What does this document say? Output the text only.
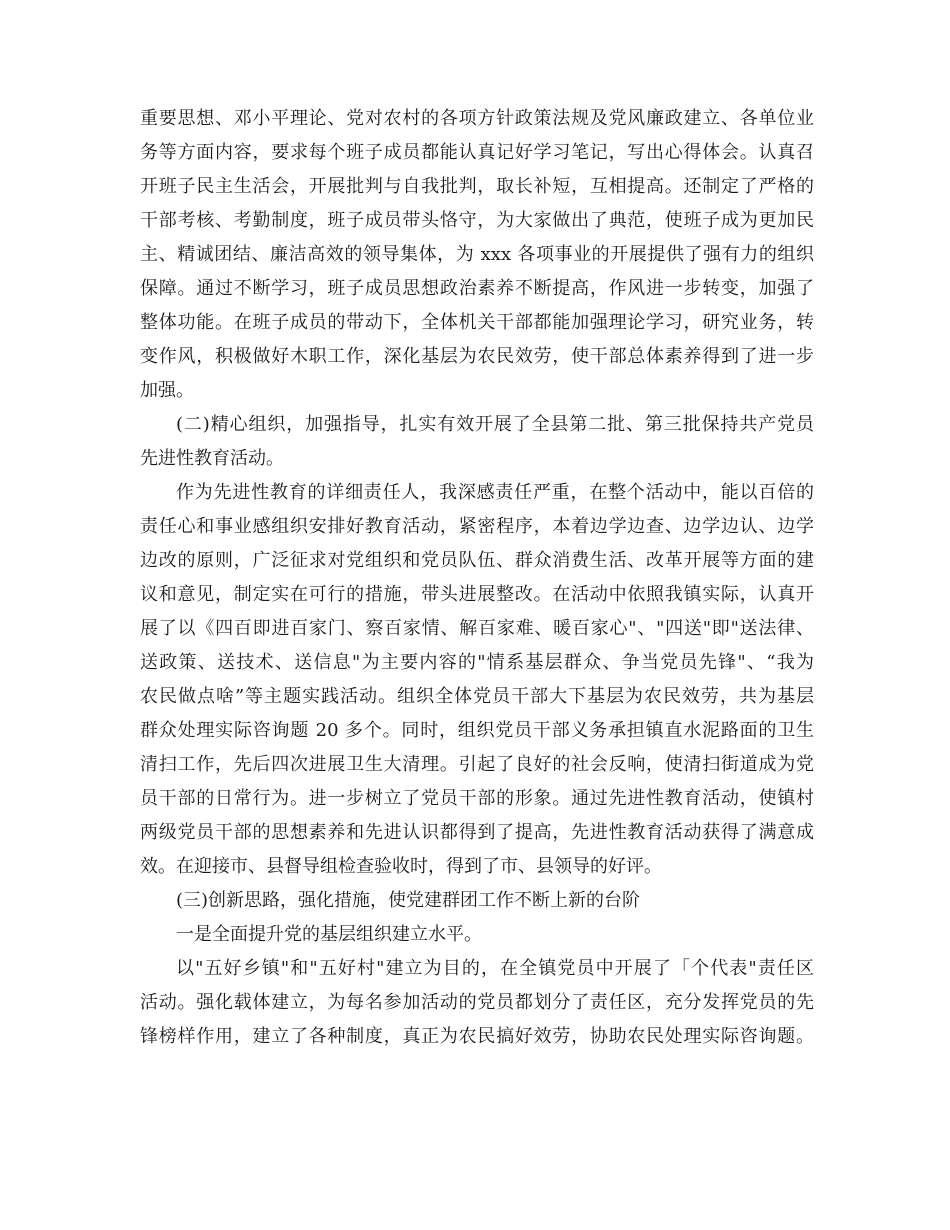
重要思想、邓小平理论、党对农村的各项方针政策法规及党风廉政建立、各单位业
务等方面内容，要求每个班子成员都能认真记好学习笔记，写出心得体会。认真召
开班子民主生活会，开展批判与自我批判，取长补短，互相提高。还制定了严格的
干部考核、考勤制度，班子成员带头恪守，为大家做出了典范，使班子成为更加民
主、精诚团结、廉洁高效的领导集体，为 xxx 各项事业的开展提供了强有力的组织
保障。通过不断学习，班子成员思想政治素养不断提高，作风进一步转变，加强了
整体功能。在班子成员的带动下，全体机关干部都能加强理论学习，研究业务，转
变作风，积极做好木职工作，深化基层为农民效劳，使干部总体素养得到了进一步
加强。
(二)精心组织，加强指导，扎实有效开展了全县第二批、第三批保持共产党员
先进性教育活动。
作为先进性教育的详细责任人，我深感责任严重，在整个活动中，能以百倍的
责任心和事业感组织安排好教育活动，紧密程序，本着边学边查、边学边认、边学
边改的原则，广泛征求对党组织和党员队伍、群众消费生活、改革开展等方面的建
议和意见，制定实在可行的措施，带头进展整改。在活动中依照我镇实际，认真开
展了以《四百即进百家门、察百家情、解百家难、暖百家心"、"四送"即"送法律、
送政策、送技术、送信息"为主要内容的"情系基层群众、争当党员先锋"、“我为
农民做点啥”等主题实践活动。组织全体党员干部大下基层为农民效劳，共为基层
群众处理实际咨询题 20 多个。同时，组织党员干部义务承担镇直水泥路面的卫生
清扫工作，先后四次进展卫生大清理。引起了良好的社会反响，使清扫街道成为党
员干部的日常行为。进一步树立了党员干部的形象。通过先进性教育活动，使镇村
两级党员干部的思想素养和先进认识都得到了提高，先进性教育活动获得了满意成
效。在迎接市、县督导组检查验收时，得到了市、县领导的好评。
(三)创新思路，强化措施，使党建群团工作不断上新的台阶
一是全面提升党的基层组织建立水平。
以"五好乡镇"和"五好村"建立为目的，在全镇党员中开展了「个代表"责任区
活动。强化载体建立，为每名参加活动的党员都划分了责任区，充分发挥党员的先
锋榜样作用，建立了各种制度，真正为农民搞好效劳，协助农民处理实际咨询题。
